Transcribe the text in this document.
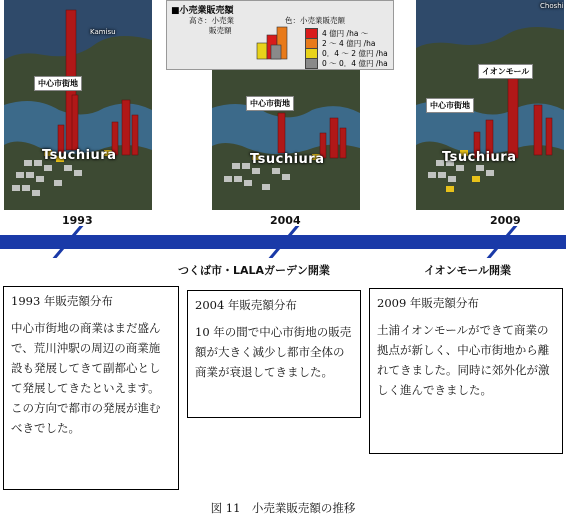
Kamisu
中心市街地
Tsuchiura
中心市街地
Tsuchiura
■小売業販売額
高さ：小売業
販売額
色：小売業販売額
4 億円 /ha ～
2 ～ 4 億円 /ha
0．4 ～ 2 億円 /ha
0 ～ 0．4 億円 /ha
Choshi
イオンモール
中心市街地
Tsuchiura
1993	2004	2009
つくば市・LALAガーデン開業	イオンモール開業
1993 年販売額分布
中心市街地の商業はまだ盛んで、荒川沖駅の周辺の商業施設も発展してきて副都心として発展してきたといえます。この方向で都市の発展が進むべきでした。
2004 年販売額分布
10 年の間で中心市街地の販売額が大きく減少し都市全体の商業が衰退してきました。
2009 年販売額分布
土浦イオンモールができて商業の拠点が新しく、中心市街地から離れてきました。同時に郊外化が激しく進んできました。
図 11　小売業販売額の推移
